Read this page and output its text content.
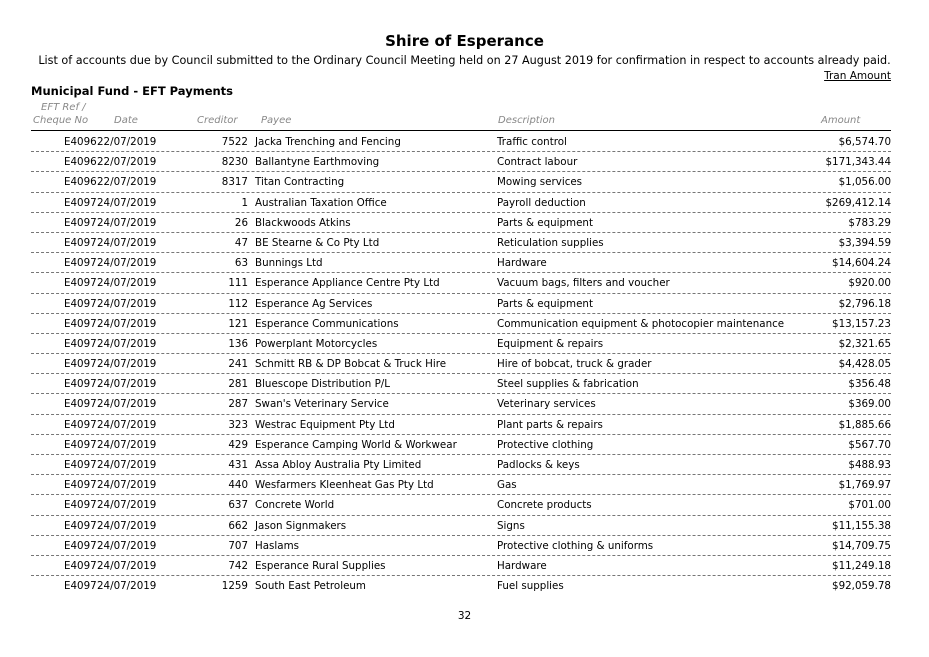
Shire of Esperance
List of accounts due by Council submitted to the Ordinary Council Meeting held on 27 August 2019 for confirmation in respect to accounts already paid.
Tran Amount
Municipal Fund - EFT Payments
EFT Ref /
Cheque No	Date	Creditor Payee	Description	Amount
E4096 22/07/2019	7522 Jacka Trenching and Fencing	Traffic control	$6,574.70
E4096 22/07/2019	8230 Ballantyne Earthmoving	Contract labour	$171,343.44
E4096 22/07/2019	8317 Titan Contracting	Mowing services	$1,056.00
E4097 24/07/2019	1 Australian Taxation Office	Payroll deduction	$269,412.14
E4097 24/07/2019	26 Blackwoods Atkins	Parts & equipment	$783.29
E4097 24/07/2019	47 BE Stearne & Co Pty Ltd	Reticulation supplies	$3,394.59
E4097 24/07/2019	63 Bunnings Ltd	Hardware	$14,604.24
E4097 24/07/2019	111 Esperance Appliance Centre Pty Ltd	Vacuum bags, filters and voucher	$920.00
E4097 24/07/2019	112 Esperance Ag Services	Parts & equipment	$2,796.18
E4097 24/07/2019	121 Esperance Communications	Communication equipment & photocopier maintenance	$13,157.23
E4097 24/07/2019	136 Powerplant Motorcycles	Equipment & repairs	$2,321.65
E4097 24/07/2019	241 Schmitt RB & DP Bobcat & Truck Hire	Hire of bobcat, truck & grader	$4,428.05
E4097 24/07/2019	281 Bluescope Distribution P/L	Steel supplies & fabrication	$356.48
E4097 24/07/2019	287 Swan's Veterinary Service	Veterinary services	$369.00
E4097 24/07/2019	323 Westrac Equipment Pty Ltd	Plant parts & repairs	$1,885.66
E4097 24/07/2019	429 Esperance Camping World & Workwear	Protective clothing	$567.70
E4097 24/07/2019	431 Assa Abloy Australia Pty Limited	Padlocks & keys	$488.93
E4097 24/07/2019	440 Wesfarmers Kleenheat Gas Pty Ltd	Gas	$1,769.97
E4097 24/07/2019	637 Concrete World	Concrete products	$701.00
E4097 24/07/2019	662 Jason Signmakers	Signs	$11,155.38
E4097 24/07/2019	707 Haslams	Protective clothing & uniforms	$14,709.75
E4097 24/07/2019	742 Esperance Rural Supplies	Hardware	$11,249.18
E4097 24/07/2019	1259 South East Petroleum	Fuel supplies	$92,059.78
32
